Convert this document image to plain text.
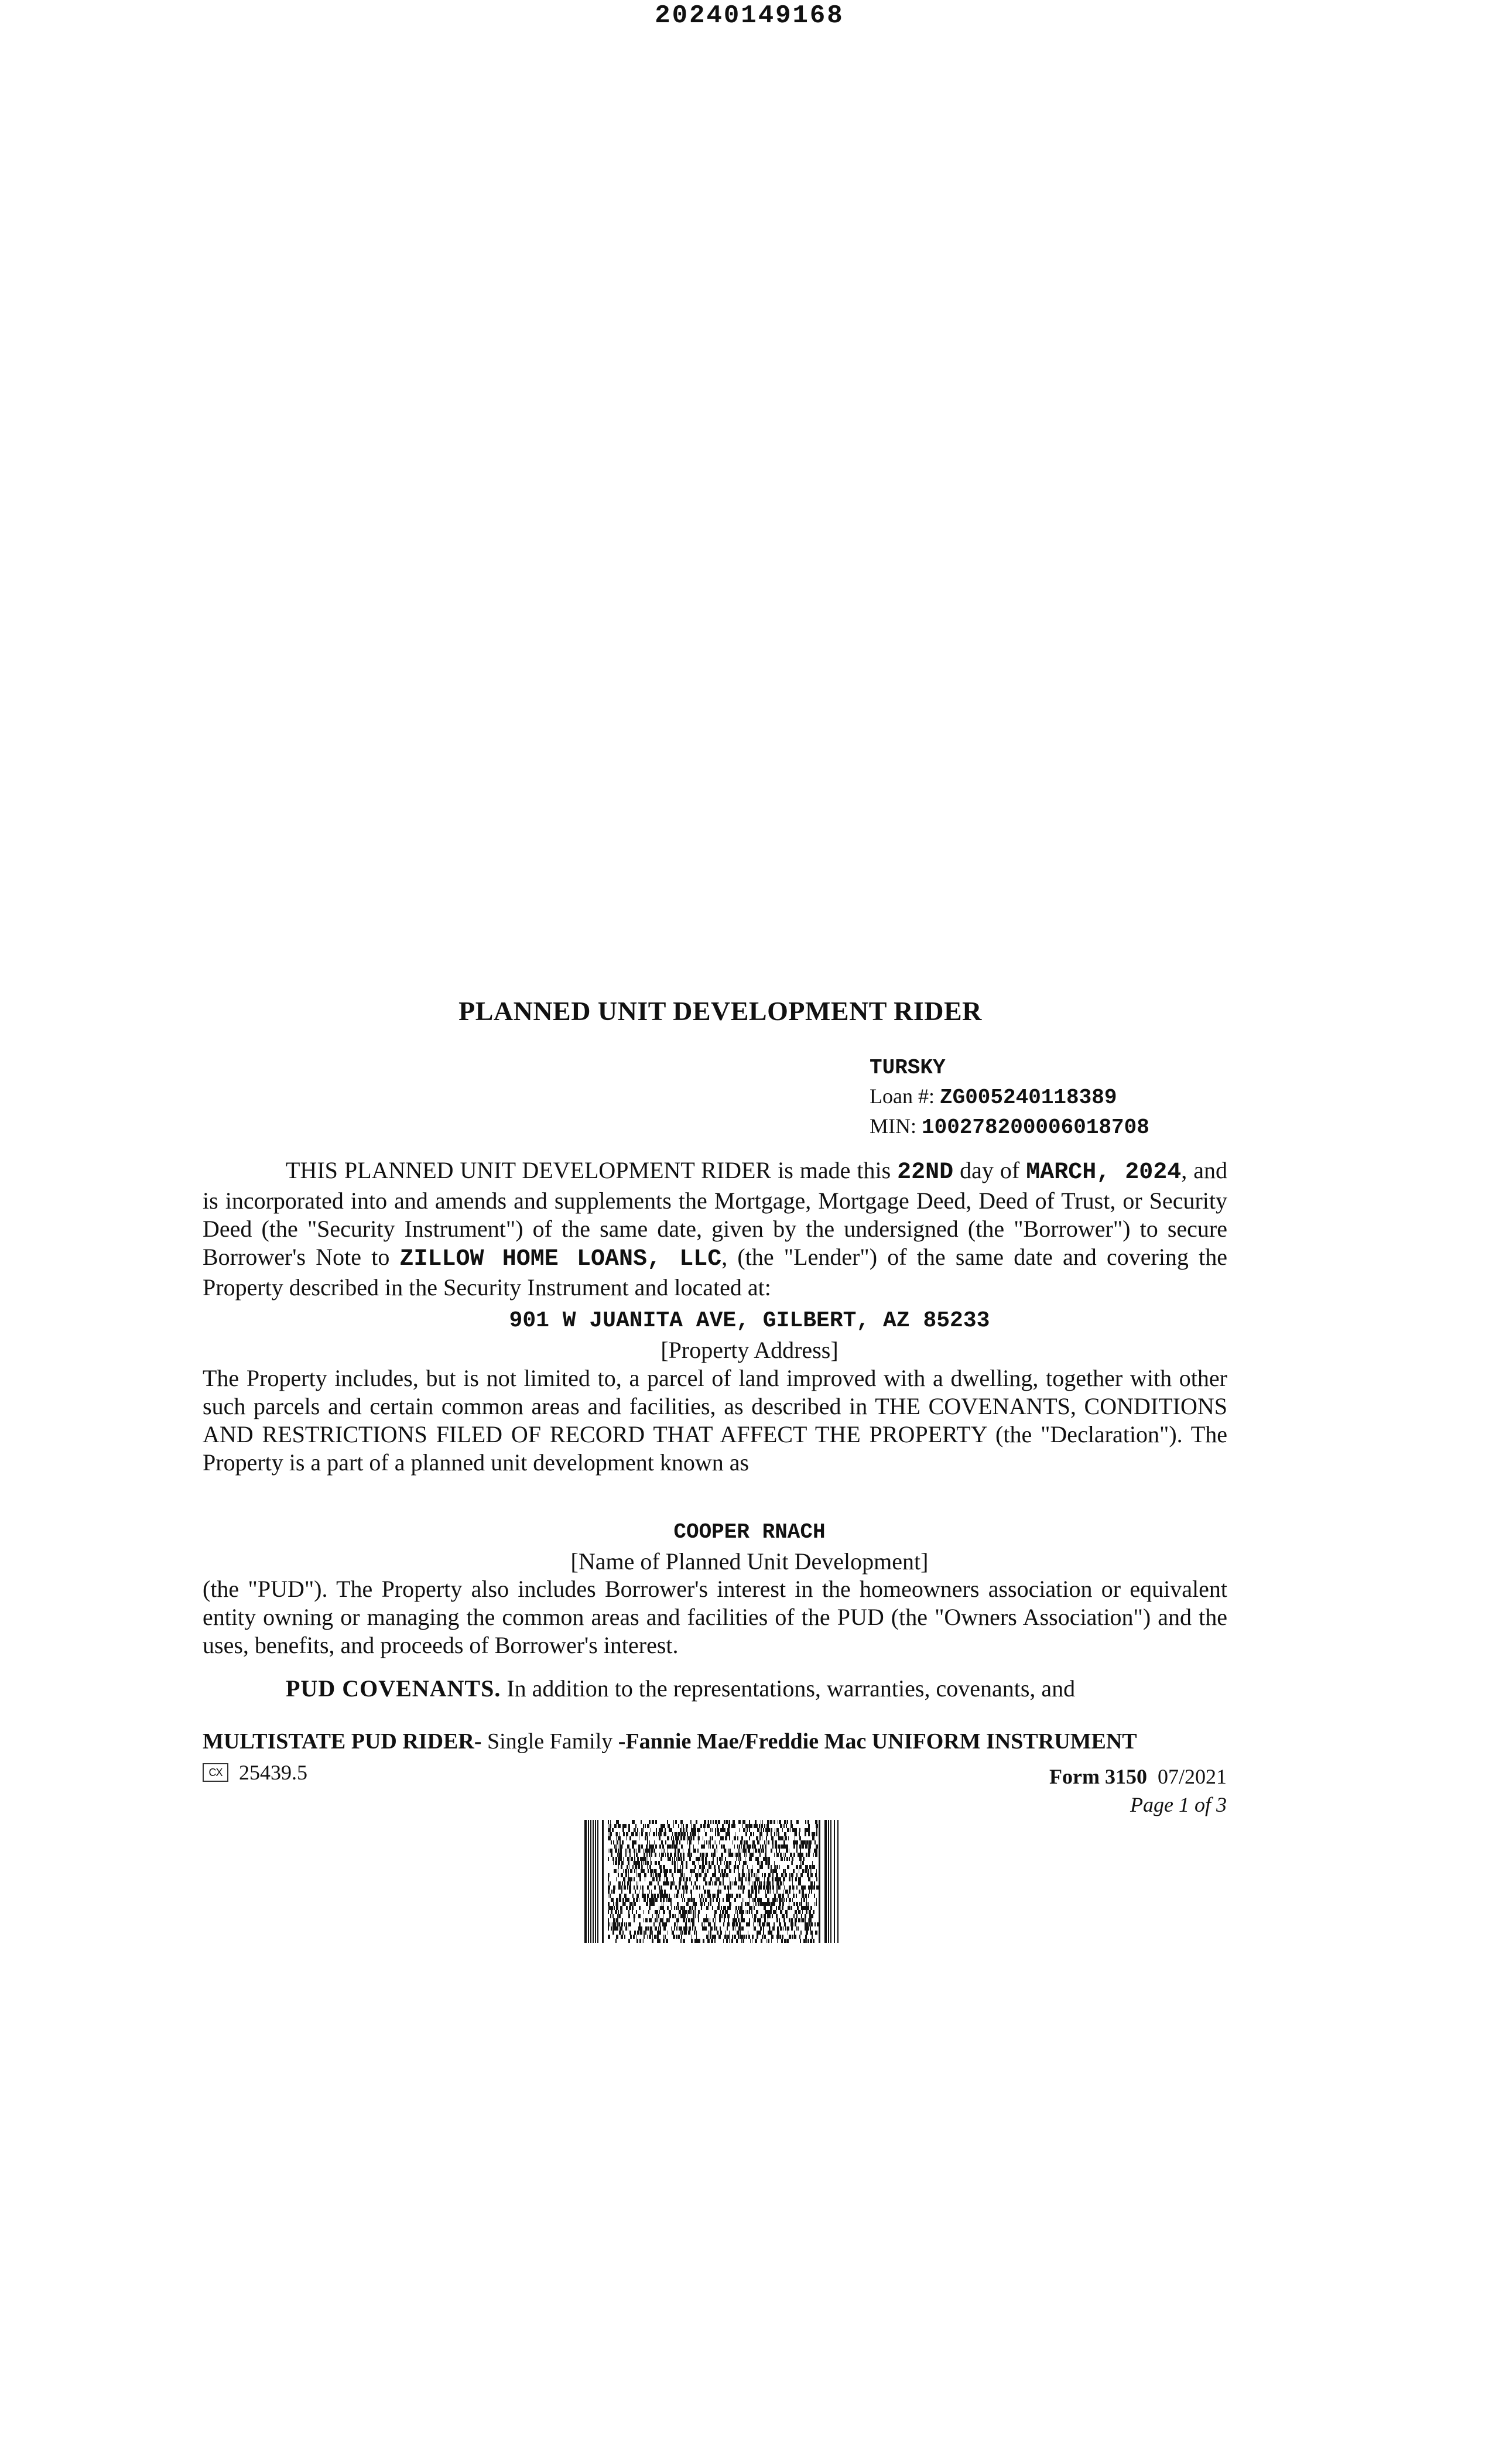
20240149168
PLANNED UNIT DEVELOPMENT RIDER
TURSKY
Loan #: ZG005240118389
MIN: 100278200006018708
THIS PLANNED UNIT DEVELOPMENT RIDER is made this 22ND day of MARCH, 2024, and is incorporated into and amends and supplements the Mortgage, Mortgage Deed, Deed of Trust, or Security Deed (the "Security Instrument") of the same date, given by the undersigned (the "Borrower") to secure Borrower's Note to ZILLOW HOME LOANS, LLC, (the "Lender") of the same date and covering the Property described in the Security Instrument and located at:
901 W JUANITA AVE, GILBERT, AZ 85233
[Property Address]
The Property includes, but is not limited to, a parcel of land improved with a dwelling, together with other such parcels and certain common areas and facilities, as described in THE COVENANTS, CONDITIONS AND RESTRICTIONS FILED OF RECORD THAT AFFECT THE PROPERTY (the "Declaration"). The Property is a part of a planned unit development known as
COOPER RNACH
[Name of Planned Unit Development]
(the "PUD"). The Property also includes Borrower's interest in the homeowners association or equivalent entity owning or managing the common areas and facilities of the PUD (the "Owners Association") and the uses, benefits, and proceeds of Borrower's interest.
PUD COVENANTS. In addition to the representations, warranties, covenants, and
MULTISTATE PUD RIDER- Single Family -Fannie Mae/Freddie Mac UNIFORM INSTRUMENT
CX 25439.5	Form 3150 07/2021
Page 1 of 3
